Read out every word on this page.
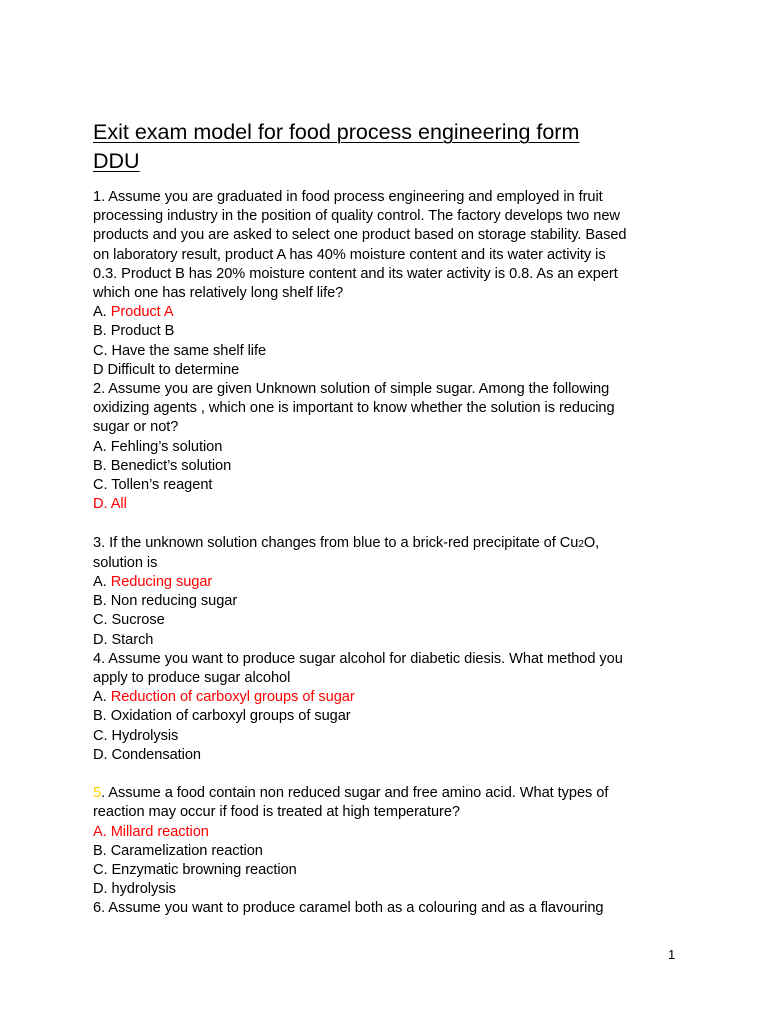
Exit exam model for food process engineering form
DDU
1. Assume you are graduated in food process engineering and employed in fruit
processing industry in the position of quality control. The factory develops two new
products and you are asked to select one product based on storage stability. Based
on laboratory result, product A has 40% moisture content and its water activity is
0.3. Product B has 20% moisture content and its water activity is 0.8. As an expert
which one has relatively long shelf life?
A. Product A
B. Product B
C. Have the same shelf life
D Difficult to determine
2. Assume you are given Unknown solution of simple sugar. Among the following
oxidizing agents , which one is important to know whether the solution is reducing
sugar or not?
A. Fehling’s solution
B. Benedict’s solution
C. Tollen’s reagent
D. All
3. If the unknown solution changes from blue to a brick-red precipitate of Cu2O,
solution is
A. Reducing sugar
B. Non reducing sugar
C. Sucrose
D. Starch
4. Assume you want to produce sugar alcohol for diabetic diesis. What method you
apply to produce sugar alcohol
A. Reduction of carboxyl groups of sugar
B. Oxidation of carboxyl groups of sugar
C. Hydrolysis
D. Condensation
5. Assume a food contain non reduced sugar and free amino acid. What types of
reaction may occur if food is treated at high temperature?
A. Millard reaction
B. Caramelization reaction
C. Enzymatic browning reaction
D. hydrolysis
6. Assume you want to produce caramel both as a colouring and as a flavouring
1
